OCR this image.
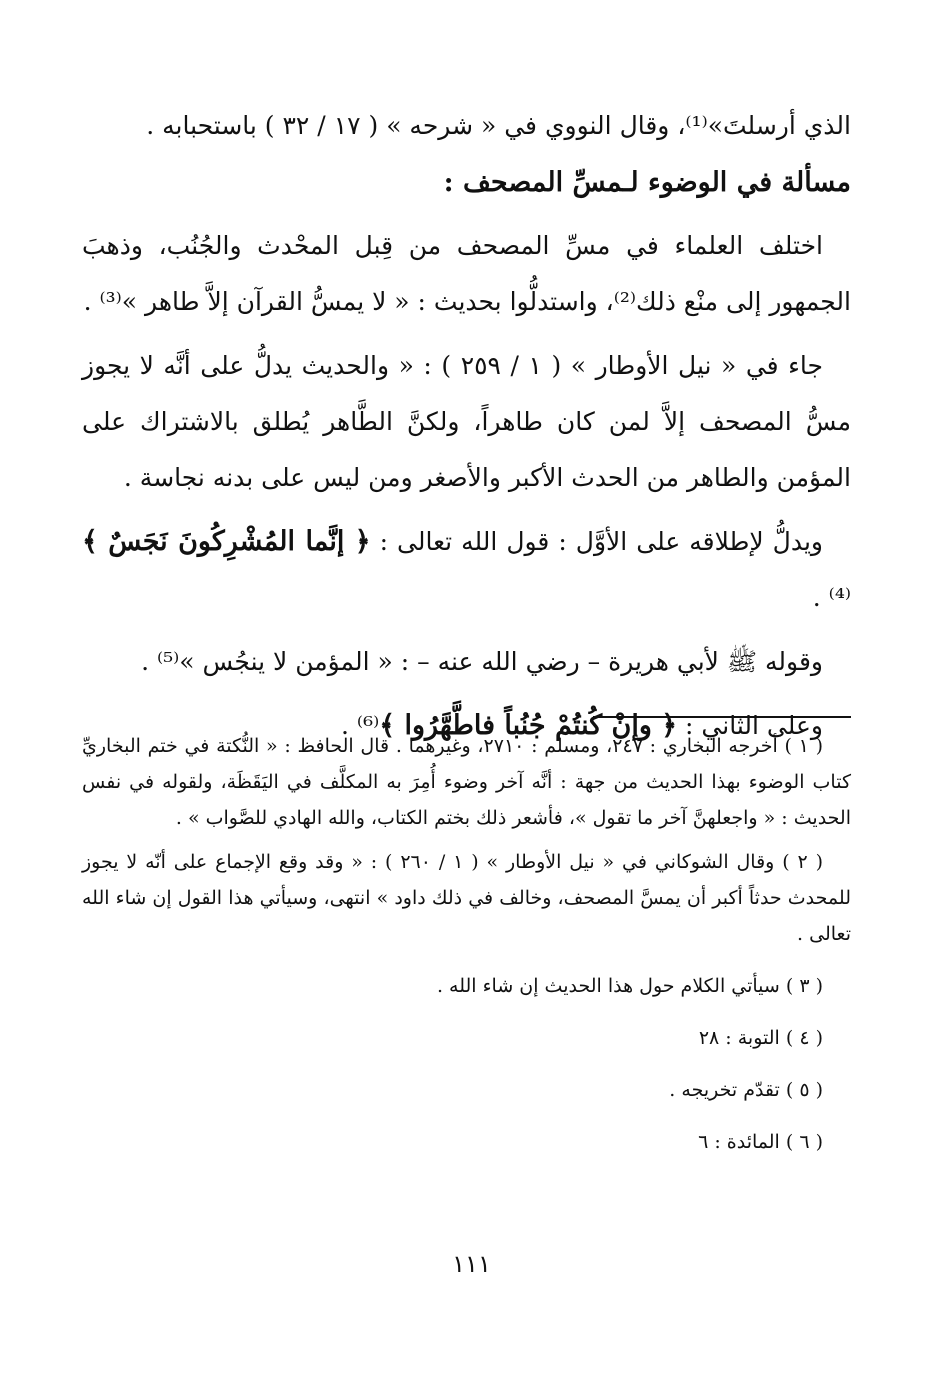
الذي أرسلتَ»⁽¹⁾، وقال النووي في « شرحه » ( ١٧ / ٣٢ ) باستحبابه .
مسألة في الوضوء لـمسِّ المصحف :
اختلف العلماء في مسِّ المصحف من قِبل المحْدث والجُنُب، وذهبَ الجمهور إلى منْع ذلك⁽²⁾، واستدلُّوا بحديث : « لا يمسُّ القرآن إلاَّ طاهر »⁽³⁾ .
جاء في « نيل الأوطار » ( ١ / ٢٥٩ ) : « والحديث يدلُّ على أنَّه لا يجوز مسُّ المصحف إلاَّ لمن كان طاهراً، ولكنَّ الطَّاهر يُطلق بالاشتراك على المؤمن والطاهر من الحدث الأكبر والأصغر ومن ليس على بدنه نجاسة .
ويدلُّ لإطلاقه على الأوَّل : قول الله تعالى : ﴿ إنَّما المُشْرِكُونَ نَجَسٌ ﴾⁽⁴⁾ .
وقوله ﷺ لأبي هريرة – رضي الله عنه – : « المؤمن لا ينجُس »⁽⁵⁾ .
وعلى الثاني : ﴿ وإنْ كُنتُمْ جُنُباً فاطَّهَّرُوا ﴾⁽⁶⁾ .
( ١ ) أخرجه البخاري : ٢٤٧، ومسلم : ٢٧١٠، وغيرهما . قال الحافظ : « النُّكتة في ختم البخاريِّ كتاب الوضوء بهذا الحديث من جهة : أنَّه آخر وضوء أُمِرَ به المكلَّف في اليَقَظَة، ولقوله في نفس الحديث : « واجعلهنَّ آخر ما تقول »، فأشعر ذلك بختم الكتاب، والله الهادي للصَّواب » .
( ٢ ) وقال الشوكاني في « نيل الأوطار » ( ١ / ٢٦٠ ) : « وقد وقع الإجماع على أنّه لا يجوز للمحدث حدثاً أكبر أن يمسَّ المصحف، وخالف في ذلك داود » انتهى، وسيأتي هذا القول إن شاء الله تعالى .
( ٣ ) سيأتي الكلام حول هذا الحديث إن شاء الله .
( ٤ ) التوبة : ٢٨
( ٥ ) تقدّم تخريجه .
( ٦ ) المائدة : ٦
١١١
